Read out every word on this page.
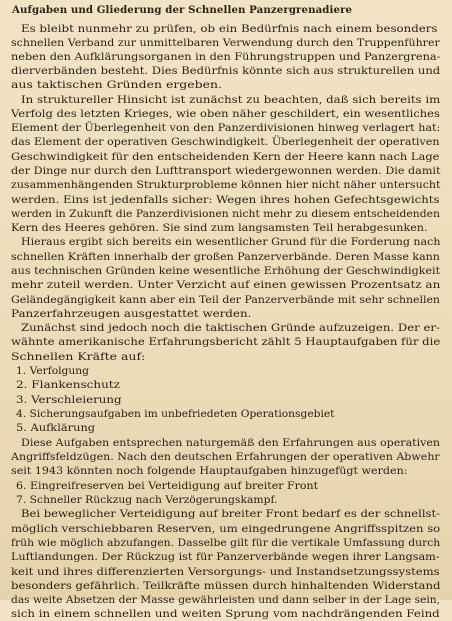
Aufgaben und Gliederung der Schnellen Panzergrenadiere
Es bleibt nunmehr zu prüfen, ob ein Bedürfnis nach einem besonders
schnellen Verband zur unmittelbaren Verwendung durch den Truppenführer
neben den Aufklärungsorganen in den Führungstruppen und Panzergrena-
dierverbänden besteht. Dies Bedürfnis könnte sich aus strukturellen und
aus taktischen Gründen ergeben.
In struktureller Hinsicht ist zunächst zu beachten, daß sich bereits im
Verfolg des letzten Krieges, wie oben näher geschildert, ein wesentliches
Element der Überlegenheit von den Panzerdivisionen hinweg verlagert hat:
das Element der operativen Geschwindigkeit. Überlegenheit der operativen
Geschwindigkeit für den entscheidenden Kern der Heere kann nach Lage
der Dinge nur durch den Lufttransport wiedergewonnen werden. Die damit
zusammenhängenden Strukturprobleme können hier nicht näher untersucht
werden. Eins ist jedenfalls sicher: Wegen ihres hohen Gefechtsgewichts
werden in Zukunft die Panzerdivisionen nicht mehr zu diesem entscheidenden
Kern des Heeres gehören. Sie sind zum langsamsten Teil herabgesunken.
Hieraus ergibt sich bereits ein wesentlicher Grund für die Forderung nach
schnellen Kräften innerhalb der großen Panzerverbände. Deren Masse kann
aus technischen Gründen keine wesentliche Erhöhung der Geschwindigkeit
mehr zuteil werden. Unter Verzicht auf einen gewissen Prozentsatz an
Geländegängigkeit kann aber ein Teil der Panzerverbände mit sehr schnellen
Panzerfahrzeugen ausgestattet werden.
Zunächst sind jedoch noch die taktischen Gründe aufzuzeigen. Der er-
wähnte amerikanische Erfahrungsbericht zählt 5 Hauptaufgaben für die
Schnellen Kräfte auf:
1. Verfolgung
2. Flankenschutz
3. Verschleierung
4. Sicherungsaufgaben im unbefriedeten Operationsgebiet
5. Aufklärung
Diese Aufgaben entsprechen naturgemäß den Erfahrungen aus operativen
Angriffsfeldzügen. Nach den deutschen Erfahrungen der operativen Abwehr
seit 1943 könnten noch folgende Hauptaufgaben hinzugefügt werden:
6. Eingreifreserven bei Verteidigung auf breiter Front
7. Schneller Rückzug nach Verzögerungskampf.
Bei beweglicher Verteidigung auf breiter Front bedarf es der schnellst-
möglich verschiebbaren Reserven, um eingedrungene Angriffsspitzen so
früh wie möglich abzufangen. Dasselbe gilt für die vertikale Umfassung durch
Luftlandungen. Der Rückzug ist für Panzerverbände wegen ihrer Langsam-
keit und ihres differenzierten Versorgungs- und Instandsetzungssystems
besonders gefährlich. Teilkräfte müssen durch hinhaltenden Widerstand
das weite Absetzen der Masse gewährleisten und dann selber in der Lage sein,
sich in einem schnellen und weiten Sprung vom nachdrängenden Feind
